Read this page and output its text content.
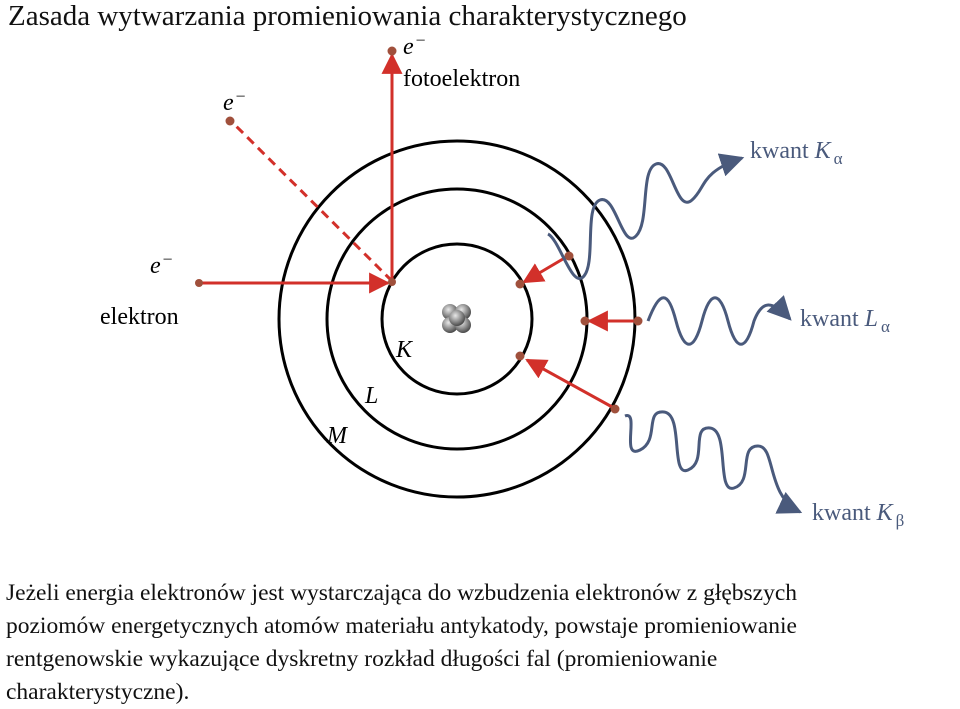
Zasada wytwarzania promieniowania charakterystycznego
e –
e –
fotoelektron
e –
elektron
K
L
M
kwant K $_\alpha$
kwant L $_\alpha$
kwant K $_\beta$
Jeżeli energia elektronów jest wystarczająca do wzbudzenia elektronów z głębszych
poziomów energetycznych atomów materiału antykatody, powstaje promieniowanie
rentgenowskie wykazujące dyskretny rozkład długości fal (promieniowanie
charakterystyczne).
